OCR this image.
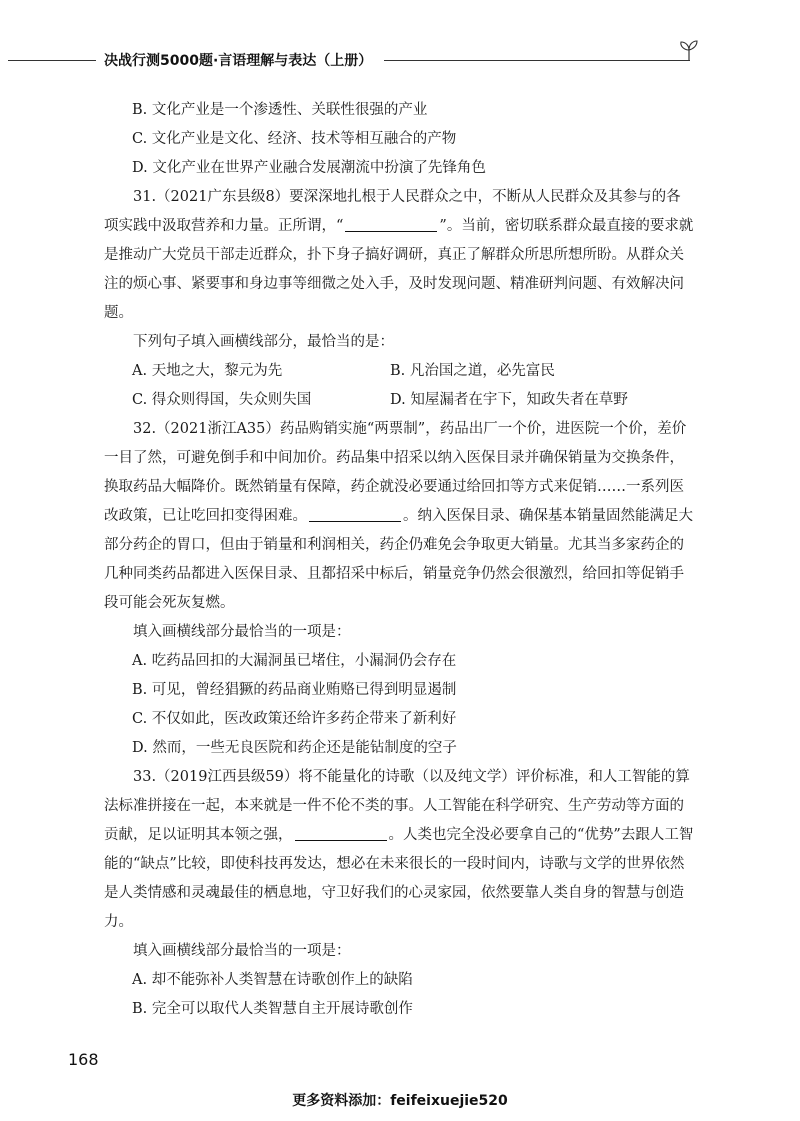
决战行测5000题·言语理解与表达（上册）

B. 文化产业是一个渗透性、关联性很强的产业

C. 文化产业是文化、经济、技术等相互融合的产物

D. 文化产业在世界产业融合发展潮流中扮演了先锋角色

31.（2021广东县级8）要深深地扎根于人民群众之中，不断从人民群众及其参与的各项实践中汲取营养和力量。正所谓，“	”。当前，密切联系群众最直接的要求就是推动广大党员干部走近群众，扑下身子搞好调研，真正了解群众所思所想所盼。从群众关注的烦心事、紧要事和身边事等细微之处入手，及时发现问题、精准研判问题、有效解决问题。

下列句子填入画横线部分，最恰当的是：

A. 天地之大，黎元为先	B. 凡治国之道，必先富民
C. 得众则得国，失众则失国	D. 知屋漏者在宇下，知政失者在草野

32.（2021浙江A35）药品购销实施“两票制”，药品出厂一个价，进医院一个价，差价一目了然，可避免倒手和中间加价。药品集中招采以纳入医保目录并确保销量为交换条件，换取药品大幅降价。既然销量有保障，药企就没必要通过给回扣等方式来促销……一系列医改政策，已让吃回扣变得困难。	。纳入医保目录、确保基本销量固然能满足大部分药企的胃口，但由于销量和利润相关，药企仍难免会争取更大销量。尤其当多家药企的几种同类药品都进入医保目录、且都招采中标后，销量竞争仍然会很激烈，给回扣等促销手段可能会死灰复燃。

填入画横线部分最恰当的一项是：

A. 吃药品回扣的大漏洞虽已堵住，小漏洞仍会存在

B. 可见，曾经猖獗的药品商业贿赂已得到明显遏制

C. 不仅如此，医改政策还给许多药企带来了新利好

D. 然而，一些无良医院和药企还是能钻制度的空子

33.（2019江西县级59）将不能量化的诗歌（以及纯文学）评价标准，和人工智能的算法标准拼接在一起，本来就是一件不伦不类的事。人工智能在科学研究、生产劳动等方面的贡献，足以证明其本领之强，	。人类也完全没必要拿自己的“优势”去跟人工智能的“缺点”比较，即使科技再发达，想必在未来很长的一段时间内，诗歌与文学的世界依然是人类情感和灵魂最佳的栖息地，守卫好我们的心灵家园，依然要靠人类自身的智慧与创造力。

填入画横线部分最恰当的一项是：

A. 却不能弥补人类智慧在诗歌创作上的缺陷

B. 完全可以取代人类智慧自主开展诗歌创作

168
更多资料添加：feifeixuejie520
